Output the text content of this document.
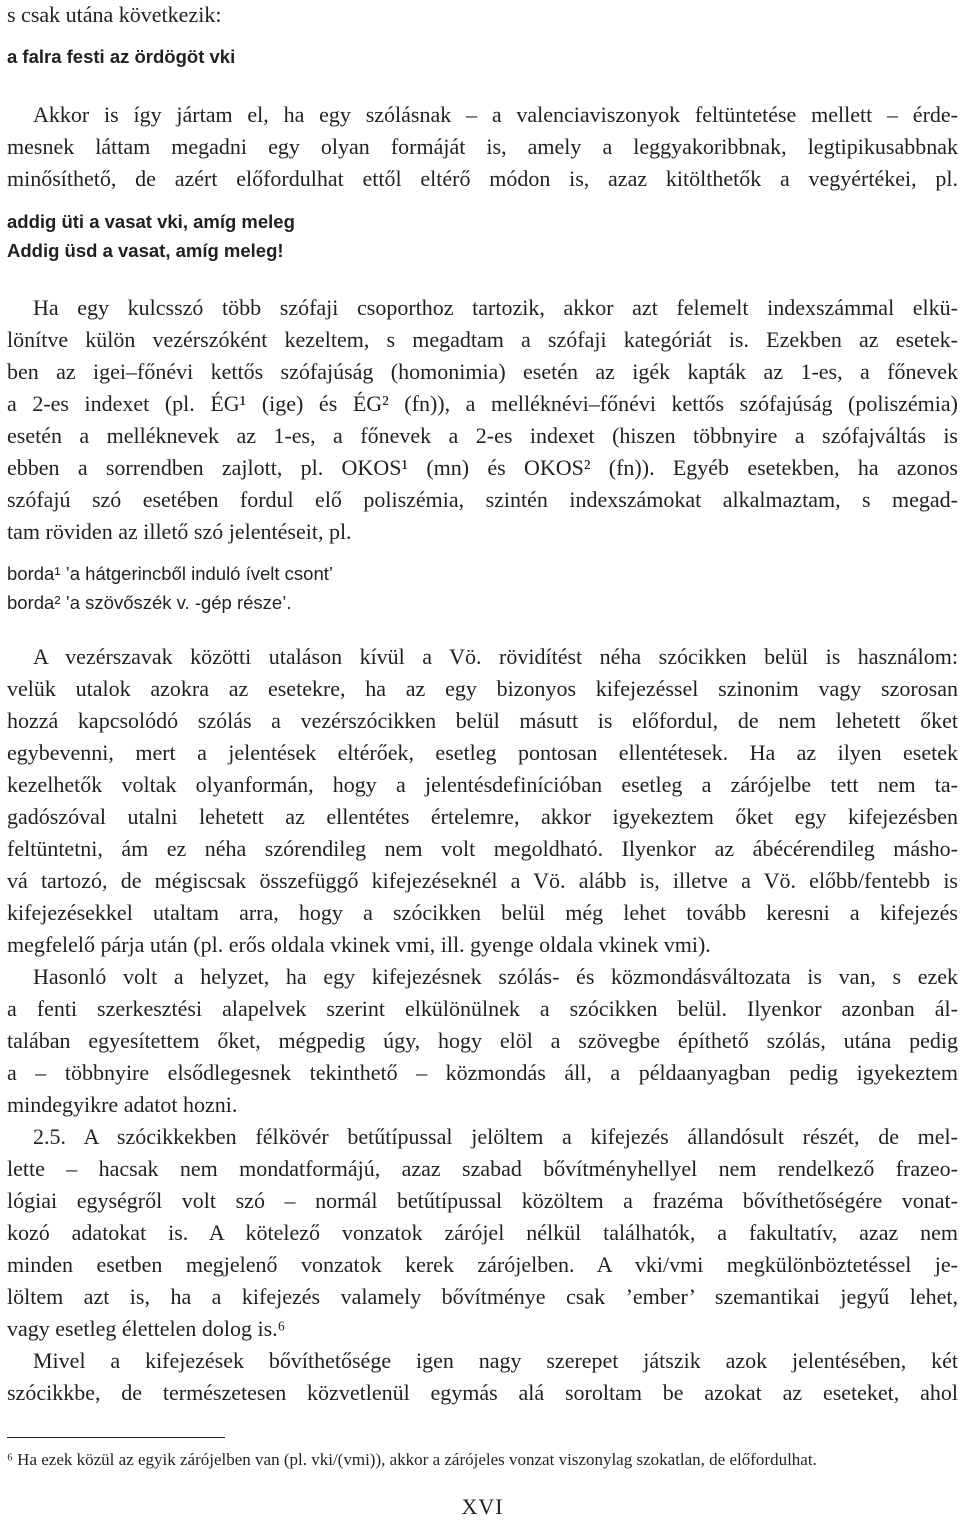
s csak utána következik:
a falra festi az ördögöt vki
Akkor is így jártam el, ha egy szólásnak – a valenciaviszonyok feltüntetése mellett – érde-
mesnek láttam megadni egy olyan formáját is, amely a leggyakoribbnak, legtipikusabbnak
minősíthető, de azért előfordulhat ettől eltérő módon is, azaz kitölthetők a vegyértékei, pl.
addig üti a vasat vki, amíg meleg
Addig üsd a vasat, amíg meleg!
Ha egy kulcsszó több szófaji csoporthoz tartozik, akkor azt felemelt indexszámmal elkü-
lönítve külön vezérszóként kezeltem, s megadtam a szófaji kategóriát is. Ezekben az esetek-
ben az igei–főnévi kettős szófajúság (homonimia) esetén az igék kapták az 1-es, a főnevek
a 2-es indexet (pl. ÉG¹ (ige) és ÉG² (fn)), a melléknévi–főnévi kettős szófajúság (poliszémia)
esetén a melléknevek az 1-es, a főnevek a 2-es indexet (hiszen többnyire a szófajváltás is
ebben a sorrendben zajlott, pl. OKOS¹ (mn) és OKOS² (fn)). Egyéb esetekben, ha azonos
szófajú szó esetében fordul elő poliszémia, szintén indexszámokat alkalmaztam, s megad-
tam röviden az illető szó jelentéseit, pl.
borda¹ ’a hátgerincből induló ívelt csont’
borda² ’a szövőszék v. -gép része’.
A vezérszavak közötti utaláson kívül a Vö. rövidítést néha szócikken belül is használom:
velük utalok azokra az esetekre, ha az egy bizonyos kifejezéssel szinonim vagy szorosan
hozzá kapcsolódó szólás a vezérszócikken belül másutt is előfordul, de nem lehetett őket
egybevenni, mert a jelentések eltérőek, esetleg pontosan ellentétesek. Ha az ilyen esetek
kezelhetők voltak olyanformán, hogy a jelentésdefinícióban esetleg a zárójelbe tett nem ta-
gadószóval utalni lehetett az ellentétes értelemre, akkor igyekeztem őket egy kifejezésben
feltüntetni, ám ez néha szórendileg nem volt megoldható. Ilyenkor az ábécérendileg másho-
vá tartozó, de mégiscsak összefüggő kifejezéseknél a Vö. alább is, illetve a Vö. előbb/fentebb is
kifejezésekkel utaltam arra, hogy a szócikken belül még lehet tovább keresni a kifejezés
megfelelő párja után (pl. erős oldala vkinek vmi, ill. gyenge oldala vkinek vmi).
Hasonló volt a helyzet, ha egy kifejezésnek szólás- és közmondásváltozata is van, s ezek
a fenti szerkesztési alapelvek szerint elkülönülnek a szócikken belül. Ilyenkor azonban ál-
talában egyesítettem őket, mégpedig úgy, hogy elöl a szövegbe építhető szólás, utána pedig
a – többnyire elsődlegesnek tekinthető – közmondás áll, a példaanyagban pedig igyekeztem
mindegyikre adatot hozni.
2.5. A szócikkekben félkövér betűtípussal jelöltem a kifejezés állandósult részét, de mel-
lette – hacsak nem mondatformájú, azaz szabad bővítményhellyel nem rendelkező frazeo-
lógiai egységről volt szó – normál betűtípussal közöltem a frazéma bővíthetőségére vonat-
kozó adatokat is. A kötelező vonzatok zárójel nélkül találhatók, a fakultatív, azaz nem
minden esetben megjelenő vonzatok kerek zárójelben. A vki/vmi megkülönböztetéssel je-
löltem azt is, ha a kifejezés valamely bővítménye csak ’ember’ szemantikai jegyű lehet,
vagy esetleg élettelen dolog is.⁶
Mivel a kifejezések bővíthetősége igen nagy szerepet játszik azok jelentésében, két
szócikkbe, de természetesen közvetlenül egymás alá soroltam be azokat az eseteket, ahol
⁶ Ha ezek közül az egyik zárójelben van (pl. vki/(vmi)), akkor a zárójeles vonzat viszonylag szokatlan, de előfordulhat.
XVI
